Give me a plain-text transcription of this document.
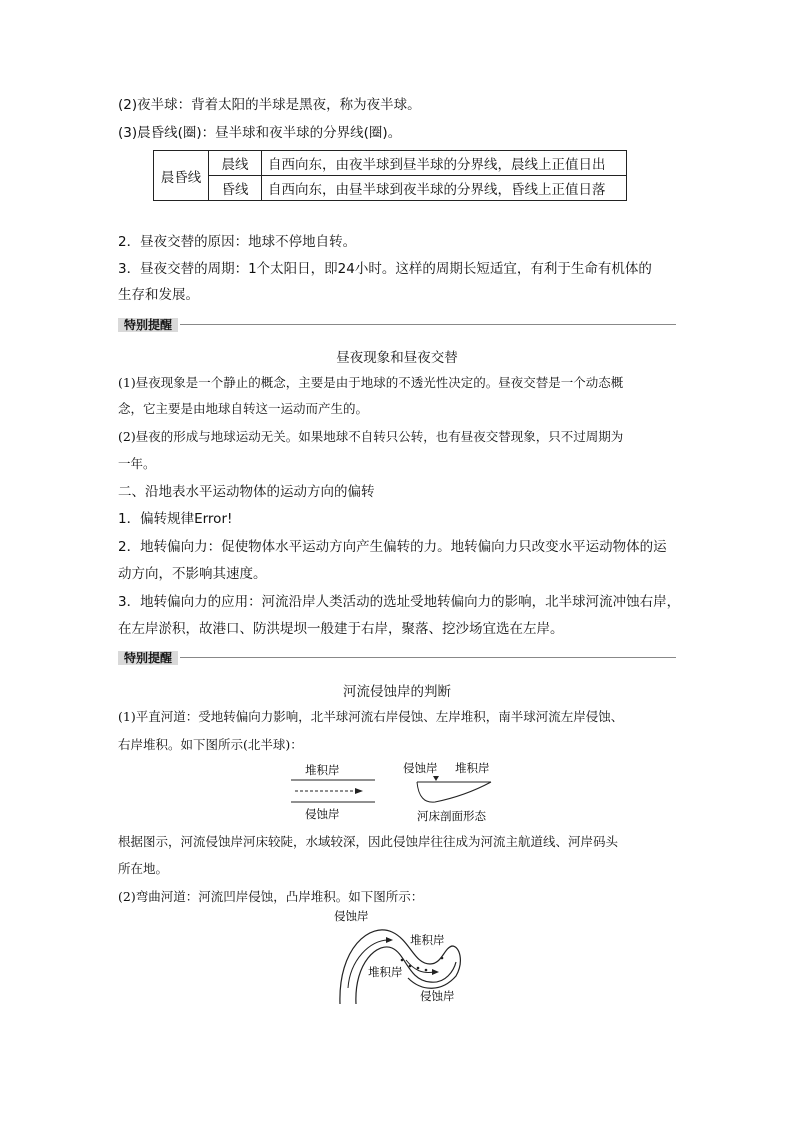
(2)夜半球：背着太阳的半球是黑夜，称为夜半球。
(3)晨昏线(圈)：昼半球和夜半球的分界线(圈)。
晨昏线	晨线	自西向东，由夜半球到昼半球的分界线，晨线上正值日出
	昏线	自西向东，由昼半球到夜半球的分界线，昏线上正值日落
2．昼夜交替的原因：地球不停地自转。
3．昼夜交替的周期：1个太阳日，即24小时。这样的周期长短适宜，有利于生命有机体的
生存和发展。
特别提醒
昼夜现象和昼夜交替
(1)昼夜现象是一个静止的概念，主要是由于地球的不透光性决定的。昼夜交替是一个动态概
念，它主要是由地球自转这一运动而产生的。
(2)昼夜的形成与地球运动无关。如果地球不自转只公转，也有昼夜交替现象，只不过周期为
一年。
二、沿地表水平运动物体的运动方向的偏转
1．偏转规律Error!
2．地转偏向力：促使物体水平运动方向产生偏转的力。地转偏向力只改变水平运动物体的运
动方向，不影响其速度。
3．地转偏向力的应用：河流沿岸人类活动的选址受地转偏向力的影响，北半球河流冲蚀右岸，
在左岸淤积，故港口、防洪堤坝一般建于右岸，聚落、挖沙场宜选在左岸。
特别提醒
河流侵蚀岸的判断
(1)平直河道：受地转偏向力影响，北半球河流右岸侵蚀、左岸堆积，南半球河流左岸侵蚀、
右岸堆积。如下图所示(北半球)：
堆积岸
侵蚀岸
侵蚀岸 堆积岸
河床剖面形态
根据图示，河流侵蚀岸河床较陡，水域较深，因此侵蚀岸往往成为河流主航道线、河岸码头
所在地。
(2)弯曲河道：河流凹岸侵蚀，凸岸堆积。如下图所示：
侵蚀岸
堆积岸
堆积岸
侵蚀岸
